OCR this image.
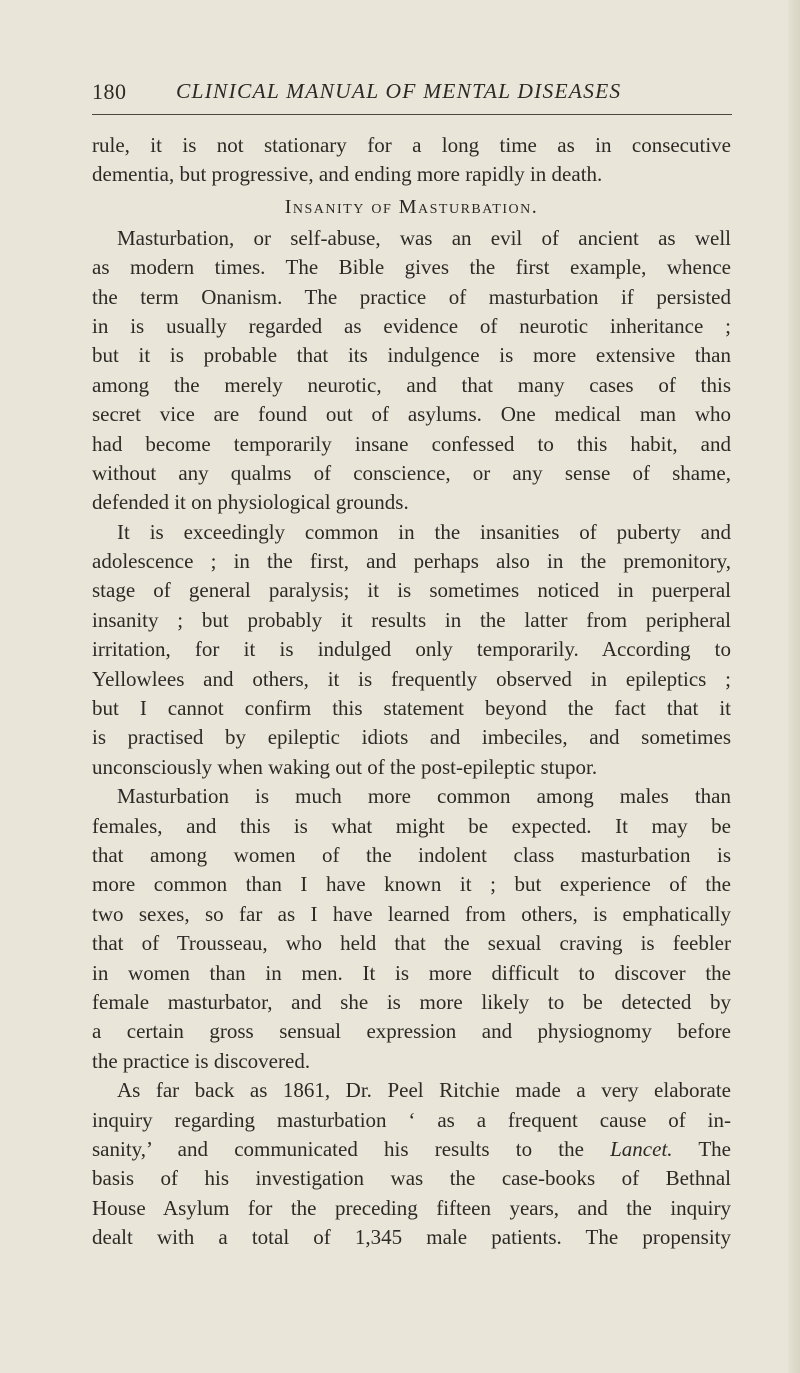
180 CLINICAL MANUAL OF MENTAL DISEASES
rule, it is not stationary for a long time as in consecutive
dementia, but progressive, and ending more rapidly in death.
Insanity of Masturbation.
Masturbation, or self-abuse, was an evil of ancient as well
as modern times. The Bible gives the first example, whence
the term Onanism. The practice of masturbation if persisted
in is usually regarded as evidence of neurotic inheritance ;
but it is probable that its indulgence is more extensive than
among the merely neurotic, and that many cases of this
secret vice are found out of asylums. One medical man who
had become temporarily insane confessed to this habit, and
without any qualms of conscience, or any sense of shame,
defended it on physiological grounds.
It is exceedingly common in the insanities of puberty and
adolescence ; in the first, and perhaps also in the premonitory,
stage of general paralysis; it is sometimes noticed in puerperal
insanity ; but probably it results in the latter from peripheral
irritation, for it is indulged only temporarily. According to
Yellowlees and others, it is frequently observed in epileptics ;
but I cannot confirm this statement beyond the fact that it
is practised by epileptic idiots and imbeciles, and sometimes
unconsciously when waking out of the post-epileptic stupor.
Masturbation is much more common among males than
females, and this is what might be expected. It may be
that among women of the indolent class masturbation is
more common than I have known it ; but experience of the
two sexes, so far as I have learned from others, is emphatically
that of Trousseau, who held that the sexual craving is feebler
in women than in men. It is more difficult to discover the
female masturbator, and she is more likely to be detected by
a certain gross sensual expression and physiognomy before
the practice is discovered.
As far back as 1861, Dr. Peel Ritchie made a very elaborate
inquiry regarding masturbation ‘ as a frequent cause of in-
sanity,’ and communicated his results to the Lancet. The
basis of his investigation was the case-books of Bethnal
House Asylum for the preceding fifteen years, and the inquiry
dealt with a total of 1,345 male patients. The propensity
